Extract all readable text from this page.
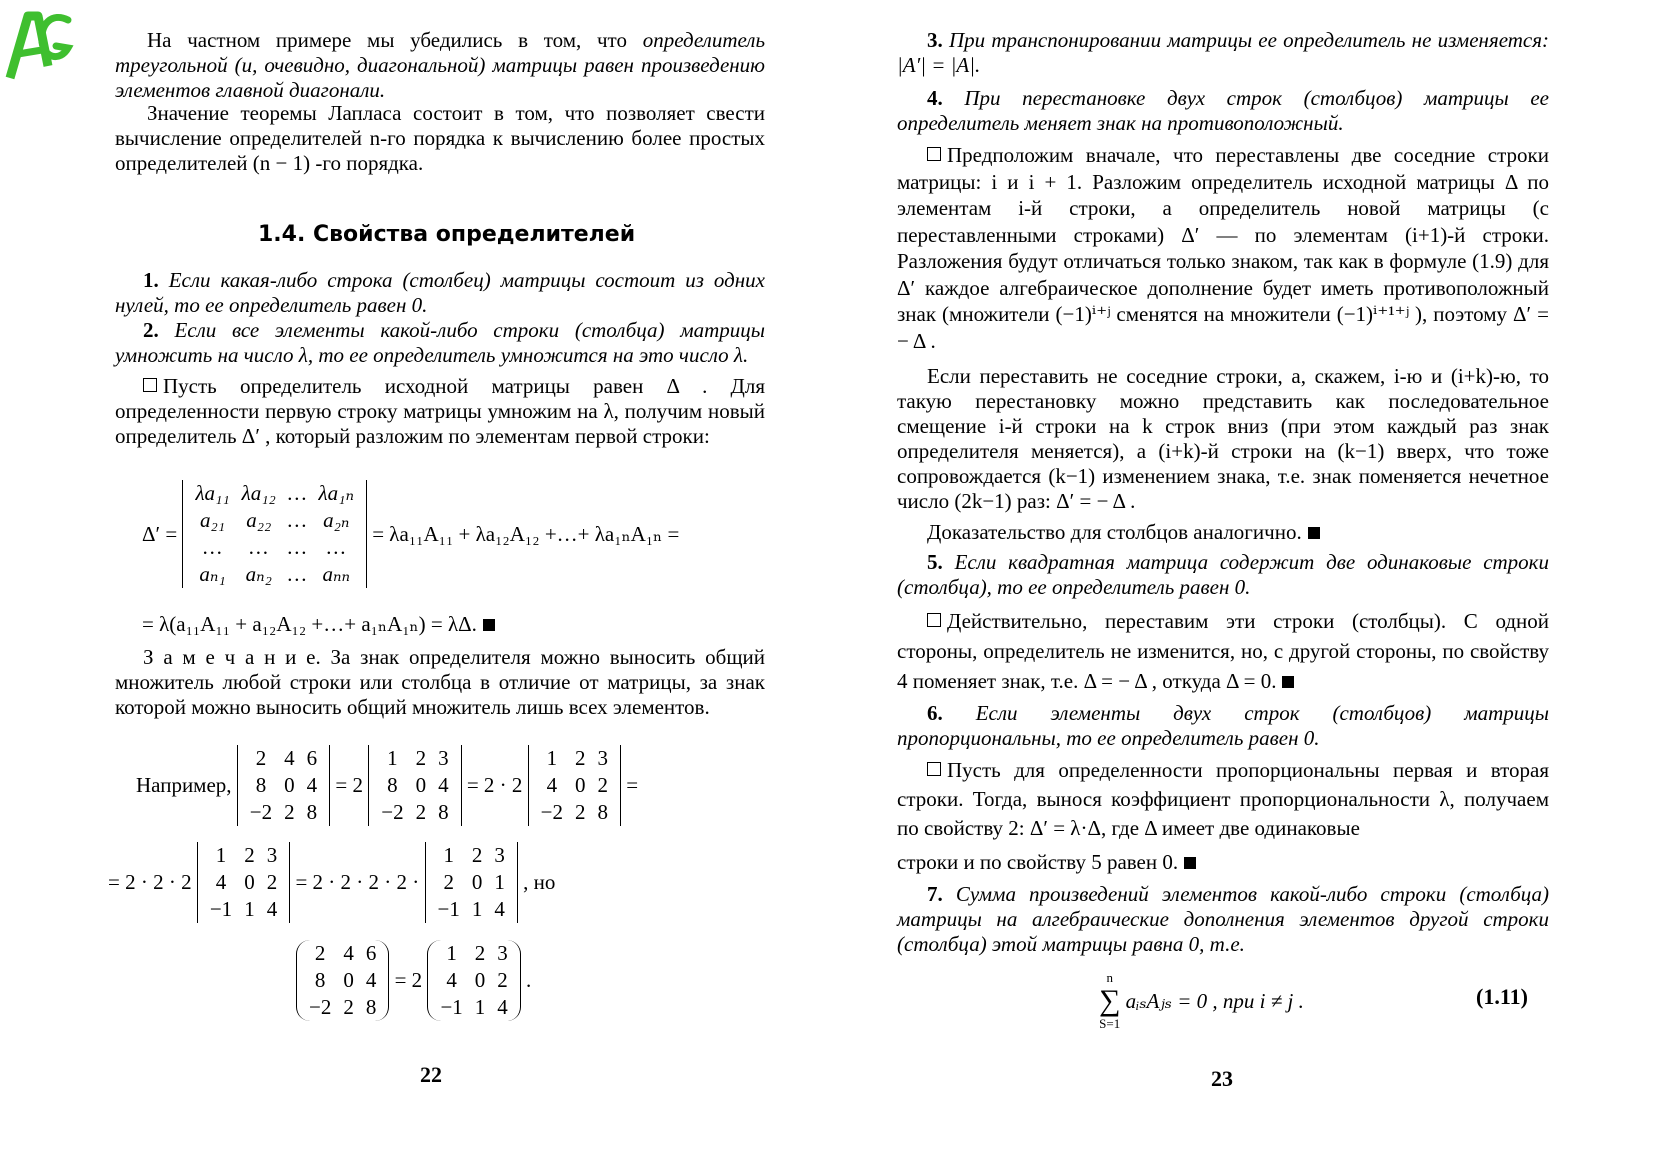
На частном примере мы убедились в том, что определитель треугольной (и, очевидно, диагональной) матрицы равен произведению элементов главной диагонали.
Значение теоремы Лапласа состоит в том, что позволяет свести вычисление определителей n-го порядка к вычислению более простых определителей (n − 1) -го порядка.
1.4. Свойства определителей
1. Если какая-либо строка (столбец) матрицы состоит из одних нулей, то ее определитель равен 0.
2. Если все элементы какой-либо строки (столбца) матрицы умножить на число λ, то ее определитель умножится на это число λ.
Пусть определитель исходной матрицы равен Δ . Для определенности первую строку матрицы умножим на λ, получим новый определитель Δ′ , который разложим по элементам первой строки:
Δ′ =
λa₁₁	λa₁₂	…	λa₁ₙ
a₂₁	a₂₂	…	a₂ₙ
…	…	…	…
aₙ₁	aₙ₂	…	aₙₙ
= λa₁₁A₁₁ + λa₁₂A₁₂ +…+ λa₁ₙA₁ₙ =
= λ(a₁₁A₁₁ + a₁₂A₁₂ +…+ a₁ₙA₁ₙ) = λΔ.
З а м е ч а н и е. За знак определителя можно выносить общий множитель любой строки или столбца в отличие от матрицы, за знак которой можно выносить общий множитель лишь всех элементов.
Например,
2	4	6
8	0	4
−2	2	8
= 2
1	2	3
8	0	4
−2	2	8
= 2 · 2
1	2	3
4	0	2
−2	2	8
=
= 2 · 2 · 2
1	2	3
4	0	2
−1	1	4
= 2 · 2 · 2 · 2 ·
1	2	3
2	0	1
−1	1	4
, но
2	4	6
8	0	4
−2	2	8
= 2
1	2	3
4	0	2
−1	1	4
.
22
3. При транспонировании матрицы ее определитель не изменяется: |A′| = |A|.
4. При перестановке двух строк (столбцов) матрицы ее определитель меняет знак на противоположный.
Предположим вначале, что переставлены две соседние строки матрицы: i и i + 1. Разложим определитель исходной матрицы Δ по элементам i-й строки, а определитель новой матрицы (с переставленными строками) Δ′ — по элементам (i+1)-й строки. Разложения будут отличаться только знаком, так как в формуле (1.9) для Δ′ каждое алгебраическое дополнение будет иметь противоположный знак (множители (−1)ⁱ⁺ʲ сменятся на множители (−1)ⁱ⁺¹⁺ʲ ), поэтому Δ′ = − Δ .
Если переставить не соседние строки, а, скажем, i-ю и (i+k)-ю, то такую перестановку можно представить как последовательное смещение i-й строки на k строк вниз (при этом каждый раз знак определителя меняется), а (i+k)-й строки на (k−1) вверх, что тоже сопровождается (k−1) изменением знака, т.е. знак поменяется нечетное число (2k−1) раз: Δ′ = − Δ .
Доказательство для столбцов аналогично.
5. Если квадратная матрица содержит две одинаковые строки (столбца), то ее определитель равен 0.
Действительно, переставим эти строки (столбцы). С одной стороны, определитель не изменится, но, с другой стороны, по свойству 4 поменяет знак, т.е. Δ = − Δ , откуда Δ = 0.
6. Если элементы двух строк (столбцов) матрицы пропорциональны, то ее определитель равен 0.
Пусть для определенности пропорциональны первая и вторая строки. Тогда, вынося коэффициент пропорциональности λ, получаем по свойству 2: Δ′ = λ·Δ, где Δ имеет две одинаковые
строки и по свойству 5 равен 0.
7. Сумма произведений элементов какой-либо строки (столбца) матрицы на алгебраические дополнения элементов другой строки (столбца) этой матрицы равна 0, т.е.
n
∑
S=1
aᵢₛAⱼₛ = 0 , при i ≠ j .	(1.11)
23
